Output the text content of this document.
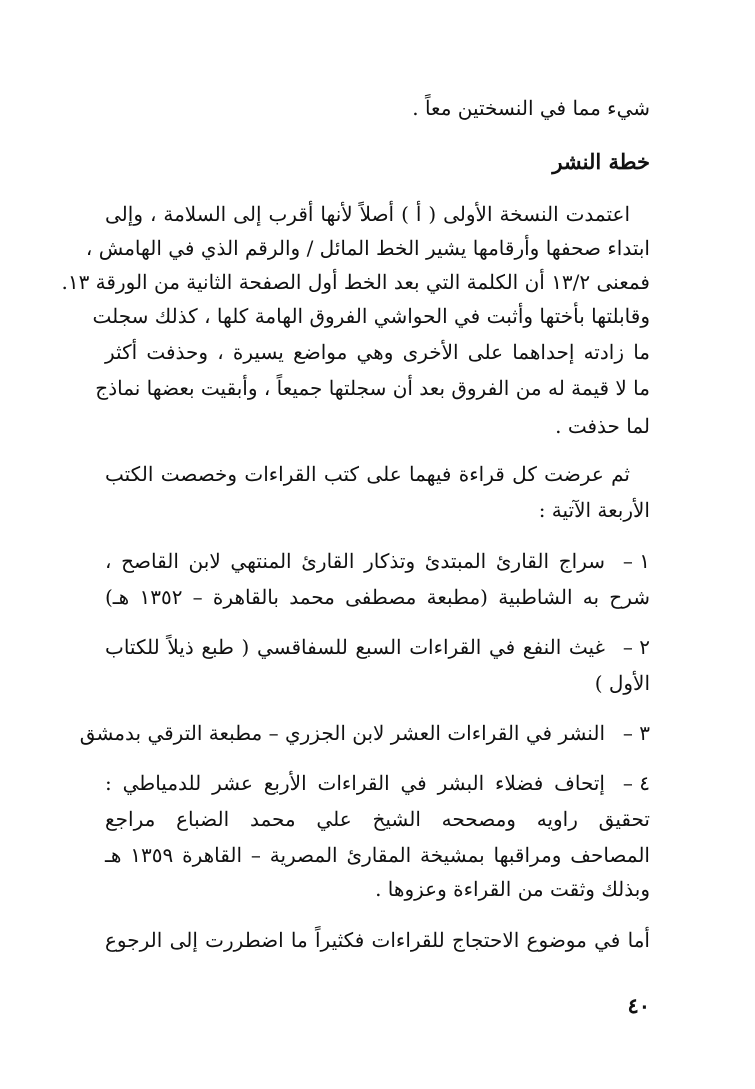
شيء مما في النسختين معاً .
خطة النشر
اعتمدت النسخة الأولى ( أ ) أصلاً لأنها أقرب إلى السلامة ، وإلى
ابتداء صحفها وأرقامها يشير الخط المائل / والرقم الذي في الهامش ،
فمعنى ١٣/٢ أن الكلمة التي بعد الخط أول الصفحة الثانية من الورقة ١٣.
وقابلتها بأختها وأثبت في الحواشي الفروق الهامة كلها ، كذلك سجلت
ما زادته إحداهما على الأخرى وهي مواضع يسيرة ، وحذفت أكثر
ما لا قيمة له من الفروق بعد أن سجلتها جميعاً ، وأبقيت بعضها نماذج
لما حذفت .
ثم عرضت كل قراءة فيهما على كتب القراءات وخصصت الكتب
الأربعة الآتية :
١ –
سراج القارئ المبتدئ وتذكار القارئ المنتهي لابن القاصح ،
شرح به الشاطبية (مطبعة مصطفى محمد بالقاهرة – ١٣٥٢ هـ)
٢ –
غيث النفع في القراءات السبع للسفاقسي ( طبع ذيلاً للكتاب
الأول )
٣ –
النشر في القراءات العشر لابن الجزري – مطبعة الترقي بدمشق
٤ –
إتحاف فضلاء البشر في القراءات الأربع عشر للدمياطي :
تحقيق راويه ومصححه الشيخ علي محمد الضباع مراجع
المصاحف ومراقبها بمشيخة المقارئ المصرية – القاهرة ١٣٥٩ هـ
وبذلك وثقت من القراءة وعزوها .
أما في موضوع الاحتجاج للقراءات فكثيراً ما اضطررت إلى الرجوع
٤٠
